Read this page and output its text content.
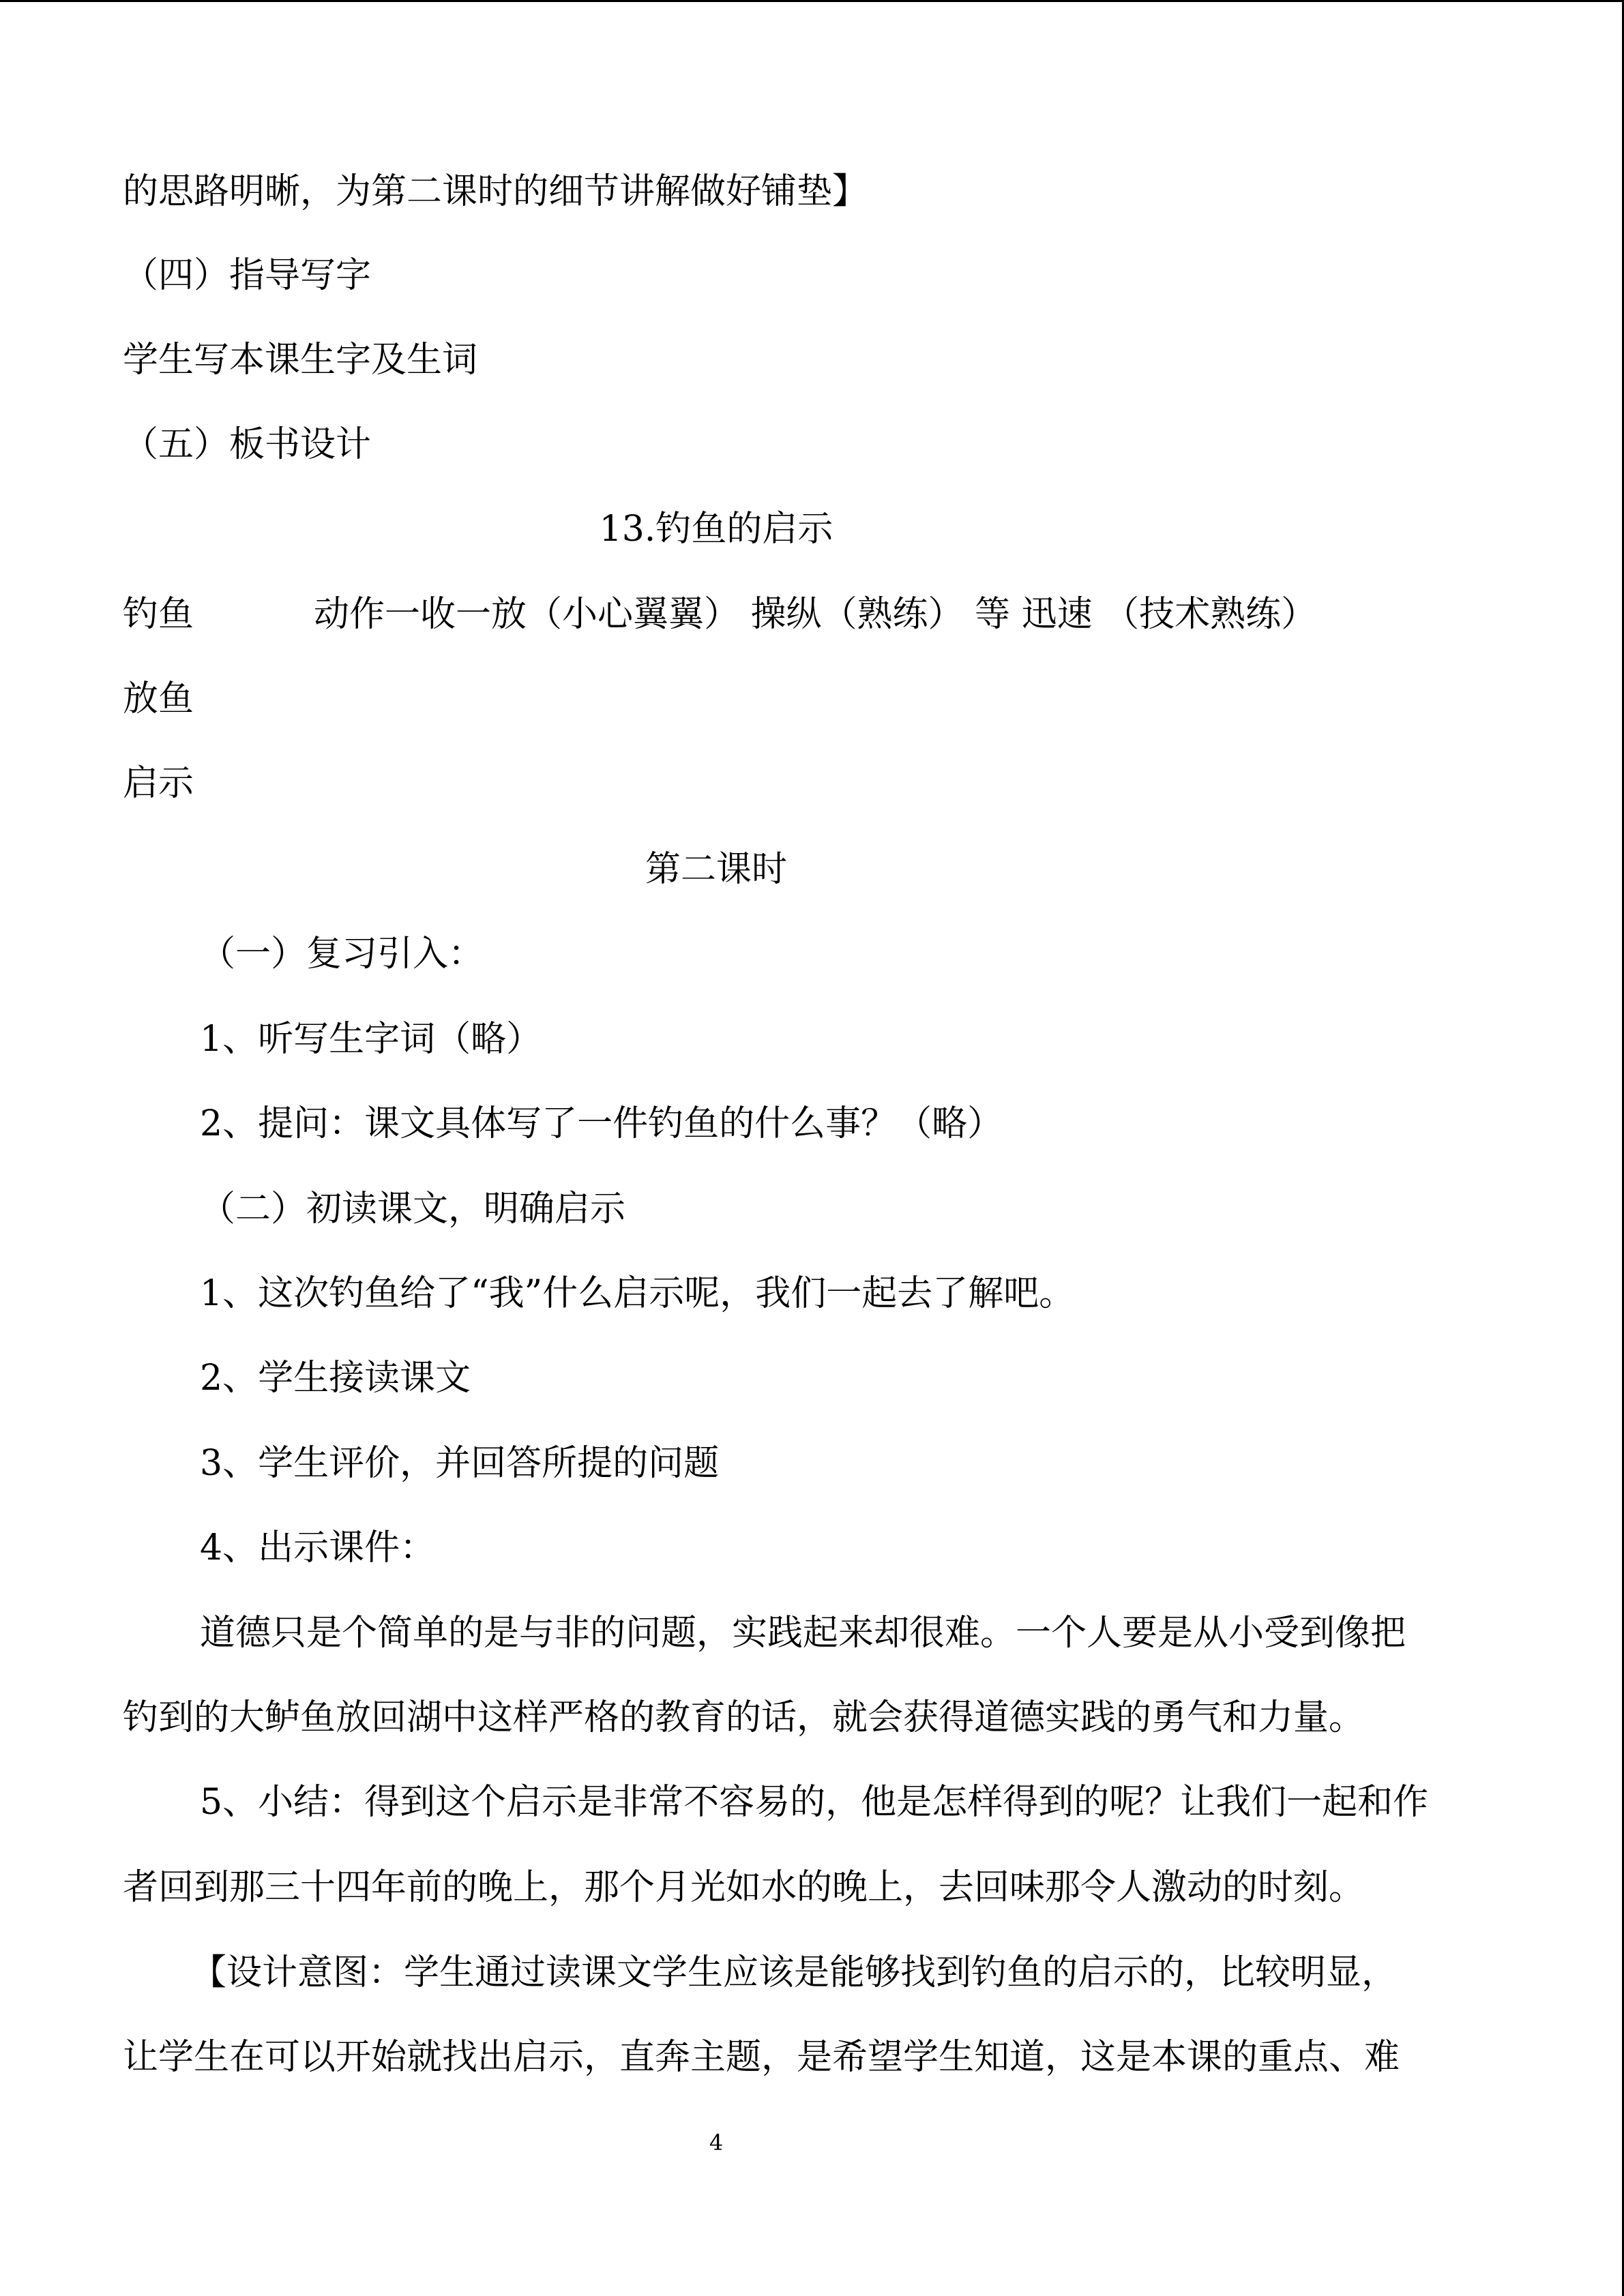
的思路明晰，为第二课时的细节讲解做好铺垫】
（四）指导写字
学生写本课生字及生词
（五）板书设计
13.钓鱼的启示
钓鱼	动作一收一放（小心翼翼） 操纵（熟练） 等 迅速 （技术熟练）
放鱼
启示
第二课时
（一）复习引入：
1、听写生字词（略）
2、提问：课文具体写了一件钓鱼的什么事？（略）
（二）初读课文，明确启示
1、这次钓鱼给了“我”什么启示呢，我们一起去了解吧。
2、学生接读课文
3、学生评价，并回答所提的问题
4、出示课件：
道德只是个简单的是与非的问题，实践起来却很难。一个人要是从小受到像把
钓到的大鲈鱼放回湖中这样严格的教育的话，就会获得道德实践的勇气和力量。
5、小结：得到这个启示是非常不容易的，他是怎样得到的呢？让我们一起和作
者回到那三十四年前的晚上，那个月光如水的晚上，去回味那令人激动的时刻。
【设计意图：学生通过读课文学生应该是能够找到钓鱼的启示的，比较明显，
让学生在可以开始就找出启示，直奔主题，是希望学生知道，这是本课的重点、难
4
